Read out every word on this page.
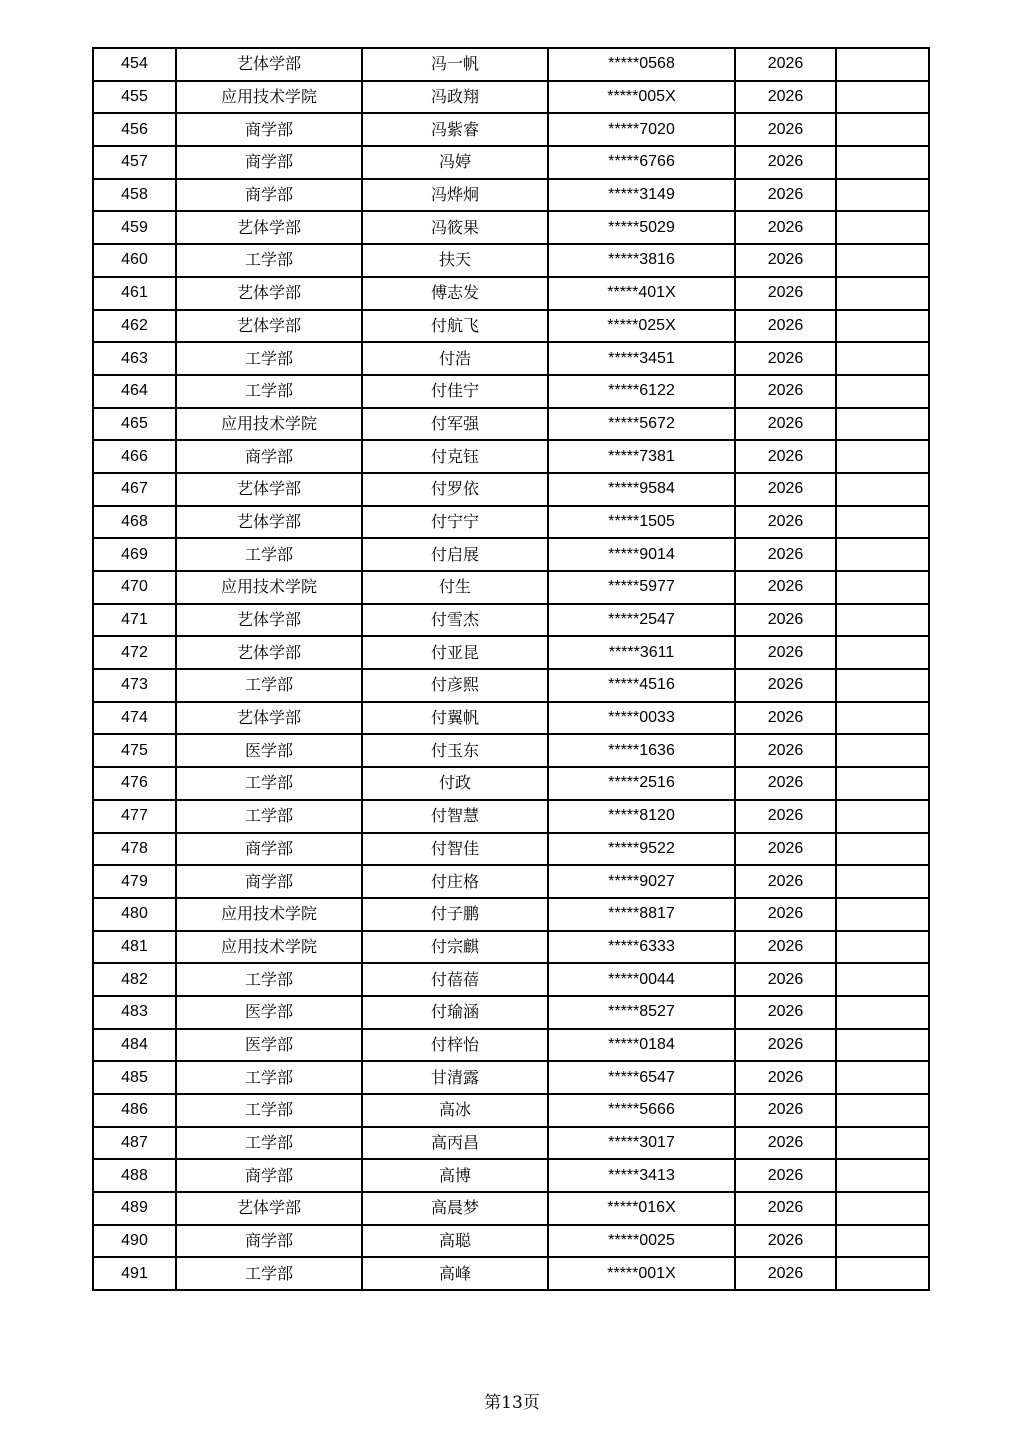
454	艺体学部	冯一帆	*****0568	2026	
455	应用技术学院	冯政翔	*****005X	2026	
456	商学部	冯紫睿	*****7020	2026	
457	商学部	冯婷	*****6766	2026	
458	商学部	冯烨炯	*****3149	2026	
459	艺体学部	冯筱果	*****5029	2026	
460	工学部	扶天	*****3816	2026	
461	艺体学部	傅志发	*****401X	2026	
462	艺体学部	付航飞	*****025X	2026	
463	工学部	付浩	*****3451	2026	
464	工学部	付佳宁	*****6122	2026	
465	应用技术学院	付军强	*****5672	2026	
466	商学部	付克钰	*****7381	2026	
467	艺体学部	付罗依	*****9584	2026	
468	艺体学部	付宁宁	*****1505	2026	
469	工学部	付启展	*****9014	2026	
470	应用技术学院	付生	*****5977	2026	
471	艺体学部	付雪杰	*****2547	2026	
472	艺体学部	付亚昆	*****3611	2026	
473	工学部	付彦熙	*****4516	2026	
474	艺体学部	付翼帆	*****0033	2026	
475	医学部	付玉东	*****1636	2026	
476	工学部	付政	*****2516	2026	
477	工学部	付智慧	*****8120	2026	
478	商学部	付智佳	*****9522	2026	
479	商学部	付庄格	*****9027	2026	
480	应用技术学院	付子鹏	*****8817	2026	
481	应用技术学院	付宗麒	*****6333	2026	
482	工学部	付蓓蓓	*****0044	2026	
483	医学部	付瑜涵	*****8527	2026	
484	医学部	付梓怡	*****0184	2026	
485	工学部	甘清露	*****6547	2026	
486	工学部	高冰	*****5666	2026	
487	工学部	高丙昌	*****3017	2026	
488	商学部	高博	*****3413	2026	
489	艺体学部	高晨梦	*****016X	2026	
490	商学部	高聪	*****0025	2026	
491	工学部	高峰	*****001X	2026	
第13页
